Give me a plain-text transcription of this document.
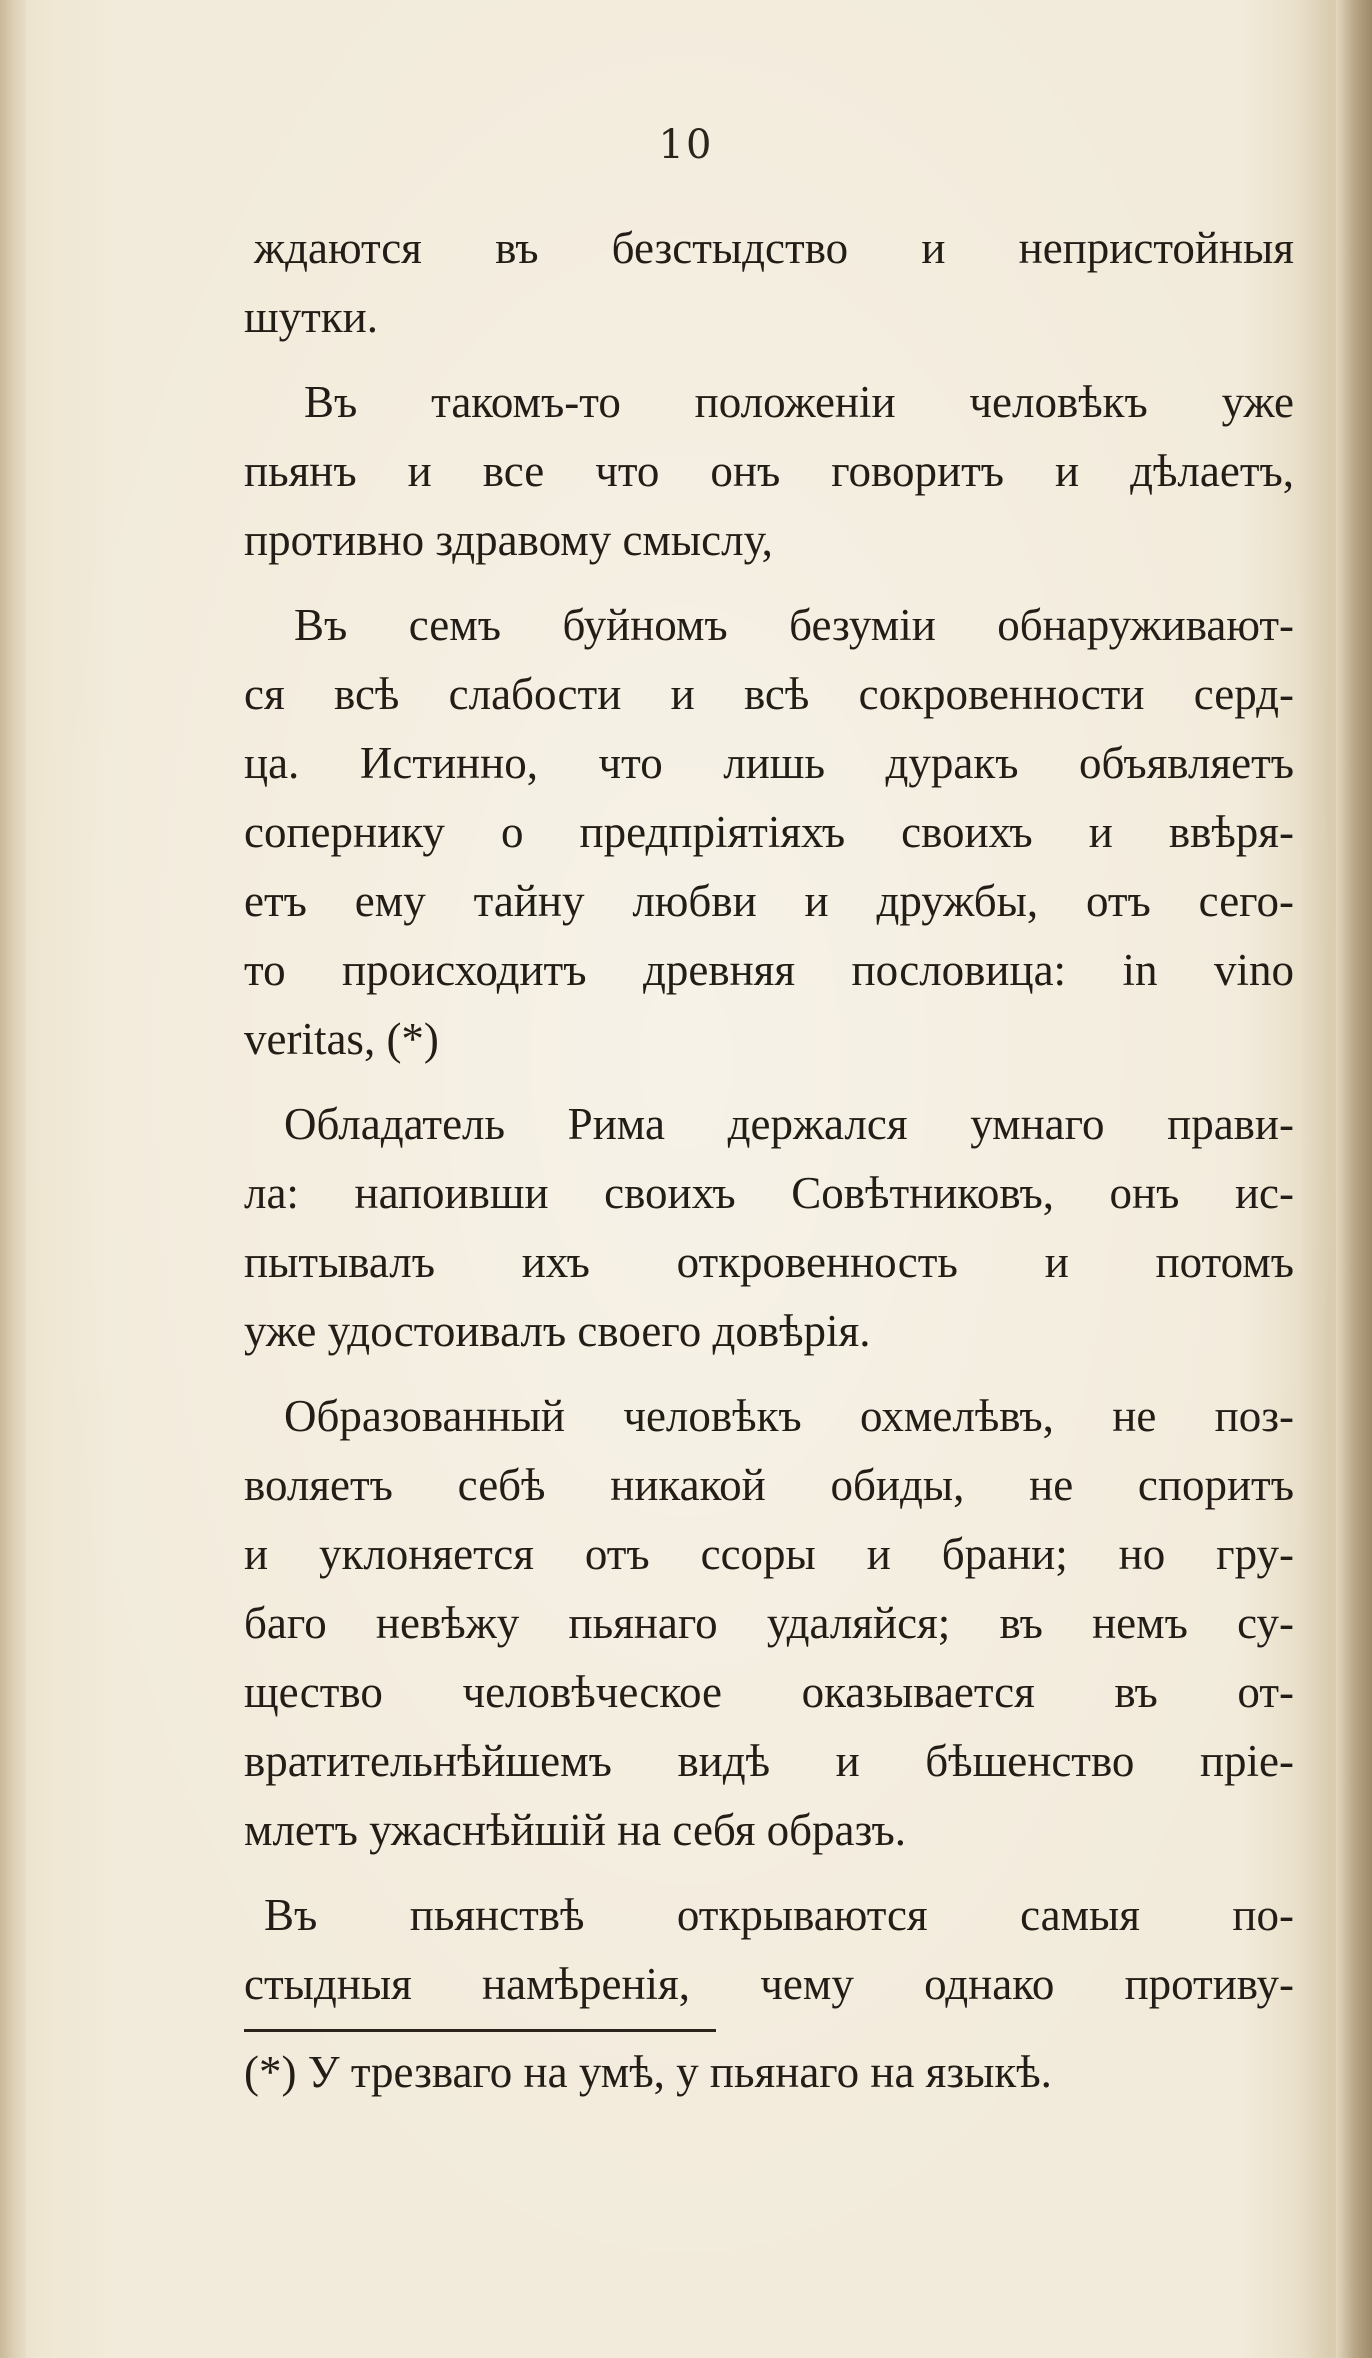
10
ждаются въ безстыдство и непристойныя
шутки.
Въ такомъ-то положеніи человѣкъ уже
пьянъ и все что онъ говоритъ и дѣлаетъ,
противно здравому смыслу,
Въ семъ буйномъ безуміи обнаруживают-
ся всѣ слабости и всѣ сокровенности серд-
ца. Истинно, что лишь дуракъ объявляетъ
сопернику о предпріятіяхъ своихъ и ввѣря-
етъ ему тайну любви и дружбы, отъ сего-
то происходитъ древняя пословица: in vino
veritas, (*)
Обладатель Рима держался умнаго прави-
ла: напоивши своихъ Совѣтниковъ, онъ ис-
пытывалъ ихъ откровенность и потомъ
уже удостоивалъ своего довѣрія.
Образованный человѣкъ охмелѣвъ, не поз-
воляетъ себѣ никакой обиды, не споритъ
и уклоняется отъ ссоры и брани; но гру-
баго невѣжу пьянаго удаляйся; въ немъ су-
щество человѣческое оказывается въ от-
вратительнѣйшемъ видѣ и бѣшенство прiе-
млетъ ужаснѣйшій на себя образъ.
Въ пьянствѣ открываются самыя по-
стыдныя намѣренія, чему однако противу-
(*) У трезваго на умѣ, у пьянаго на языкѣ.
